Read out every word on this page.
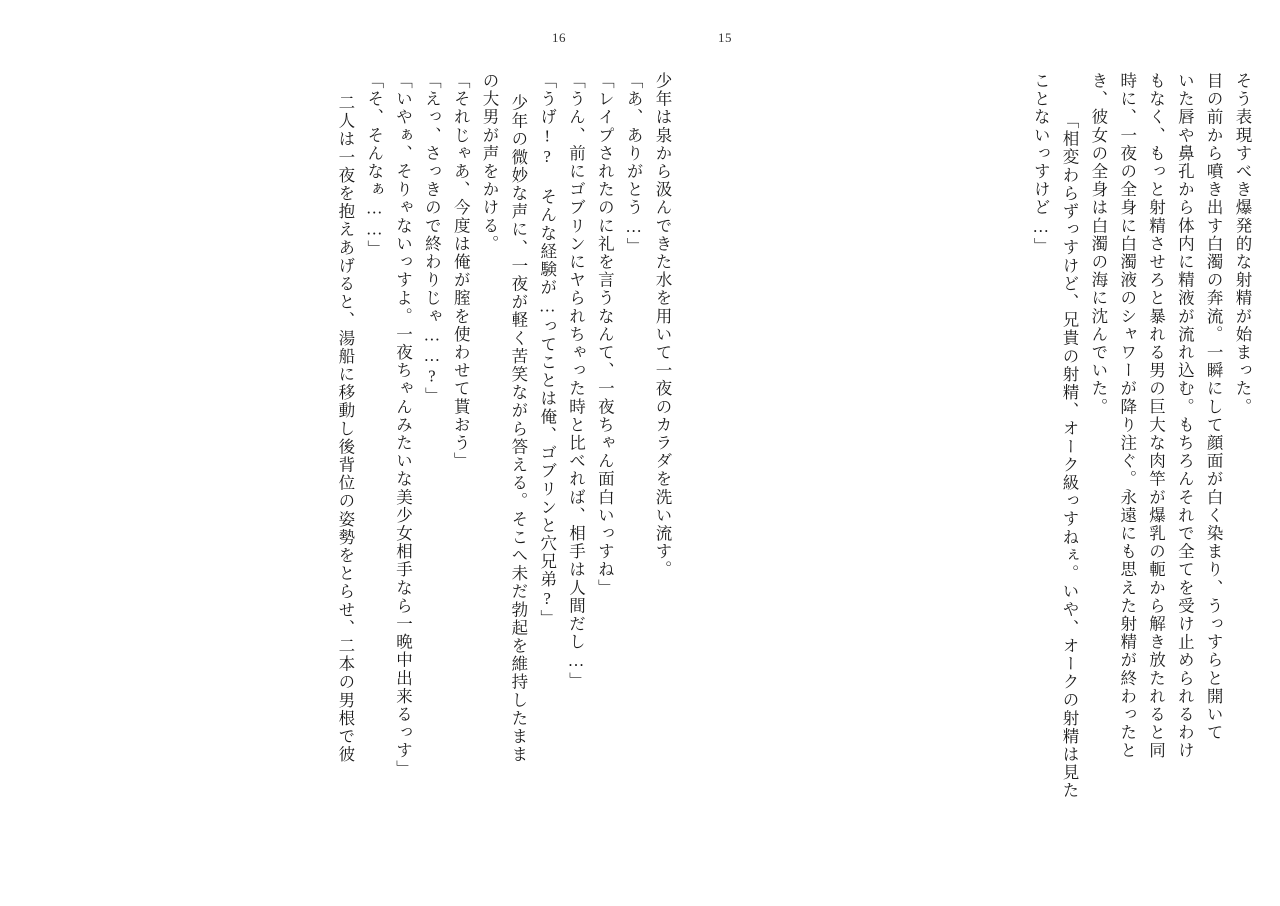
16	15
そう表現すべき爆発的な射精が始まった。
目の前から噴き出す白濁の奔流。一瞬にして顔面が白く染まり、うっすらと開いて
いた唇や鼻孔から体内に精液が流れ込む。もちろんそれで全てを受け止められるわけ
もなく、もっと射精させろと暴れる男の巨大な肉竿が爆乳の軛から解き放たれると同
時に、一夜の全身に白濁液のシャワーが降り注ぐ。永遠にも思えた射精が終わったと
き、彼女の全身は白濁の海に沈んでいた。
「相変わらずっすけど、兄貴の射精、オーク級っすねぇ。いや、オークの射精は見た
ことないっすけど…」
少年は泉から汲んできた水を用いて一夜のカラダを洗い流す。
「あ、ありがとう…」
「レイプされたのに礼を言うなんて、一夜ちゃん面白いっすね」
「うん、前にゴブリンにヤられちゃった時と比べれば、相手は人間だし…」
「うげ!? そんな経験が…ってことは俺、ゴブリンと穴兄弟?」
少年の微妙な声に、一夜が軽く苦笑ながら答える。そこへ未だ勃起を維持したまま
の大男が声をかける。
「それじゃあ、今度は俺が腟を使わせて貰おう」
「えっ、さっきので終わりじゃ……?」
「いやぁ、そりゃないっすよ。一夜ちゃんみたいな美少女相手なら一晩中出来るっす」
「そ、そんなぁ……」
二人は一夜を抱えあげると、湯船に移動し後背位の姿勢をとらせ、二本の男根で彼
